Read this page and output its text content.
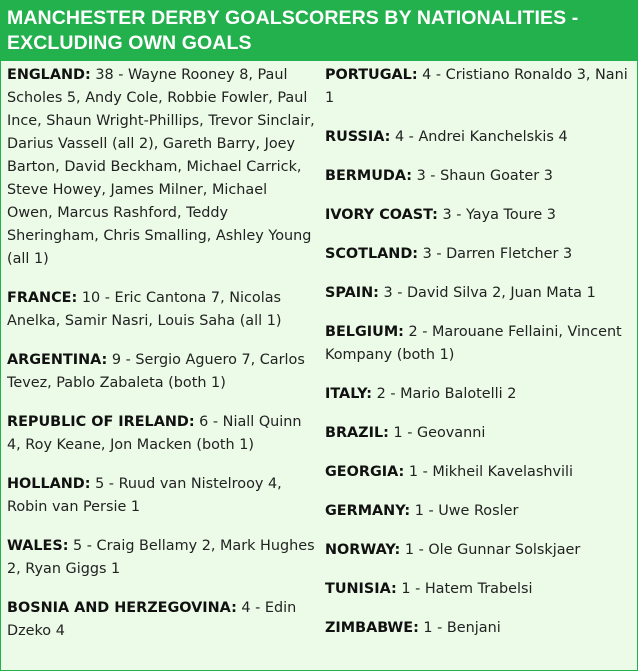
MANCHESTER DERBY GOALSCORERS BY NATIONALITIES - EXCLUDING OWN GOALS
ENGLAND: 38 - Wayne Rooney 8, Paul Scholes 5, Andy Cole, Robbie Fowler, Paul Ince, Shaun Wright-Phillips, Trevor Sinclair, Darius Vassell (all 2), Gareth Barry, Joey Barton, David Beckham, Michael Carrick, Steve Howey, James Milner, Michael Owen, Marcus Rashford, Teddy Sheringham, Chris Smalling, Ashley Young (all 1)
FRANCE: 10 - Eric Cantona 7, Nicolas Anelka, Samir Nasri, Louis Saha (all 1)
ARGENTINA: 9 - Sergio Aguero 7, Carlos Tevez, Pablo Zabaleta (both 1)
REPUBLIC OF IRELAND: 6 - Niall Quinn 4, Roy Keane, Jon Macken (both 1)
HOLLAND: 5 - Ruud van Nistelrooy 4, Robin van Persie 1
WALES: 5 - Craig Bellamy 2, Mark Hughes 2, Ryan Giggs 1
BOSNIA AND HERZEGOVINA: 4 - Edin Dzeko 4
PORTUGAL: 4 - Cristiano Ronaldo 3, Nani 1
RUSSIA: 4 - Andrei Kanchelskis 4
BERMUDA: 3 - Shaun Goater 3
IVORY COAST: 3 - Yaya Toure 3
SCOTLAND: 3 - Darren Fletcher 3
SPAIN: 3 - David Silva 2, Juan Mata 1
BELGIUM: 2 - Marouane Fellaini, Vincent Kompany (both 1)
ITALY: 2 - Mario Balotelli 2
BRAZIL: 1 - Geovanni
GEORGIA: 1 - Mikheil Kavelashvili
GERMANY: 1 - Uwe Rosler
NORWAY: 1 - Ole Gunnar Solskjaer
TUNISIA: 1 - Hatem Trabelsi
ZIMBABWE: 1 - Benjani
